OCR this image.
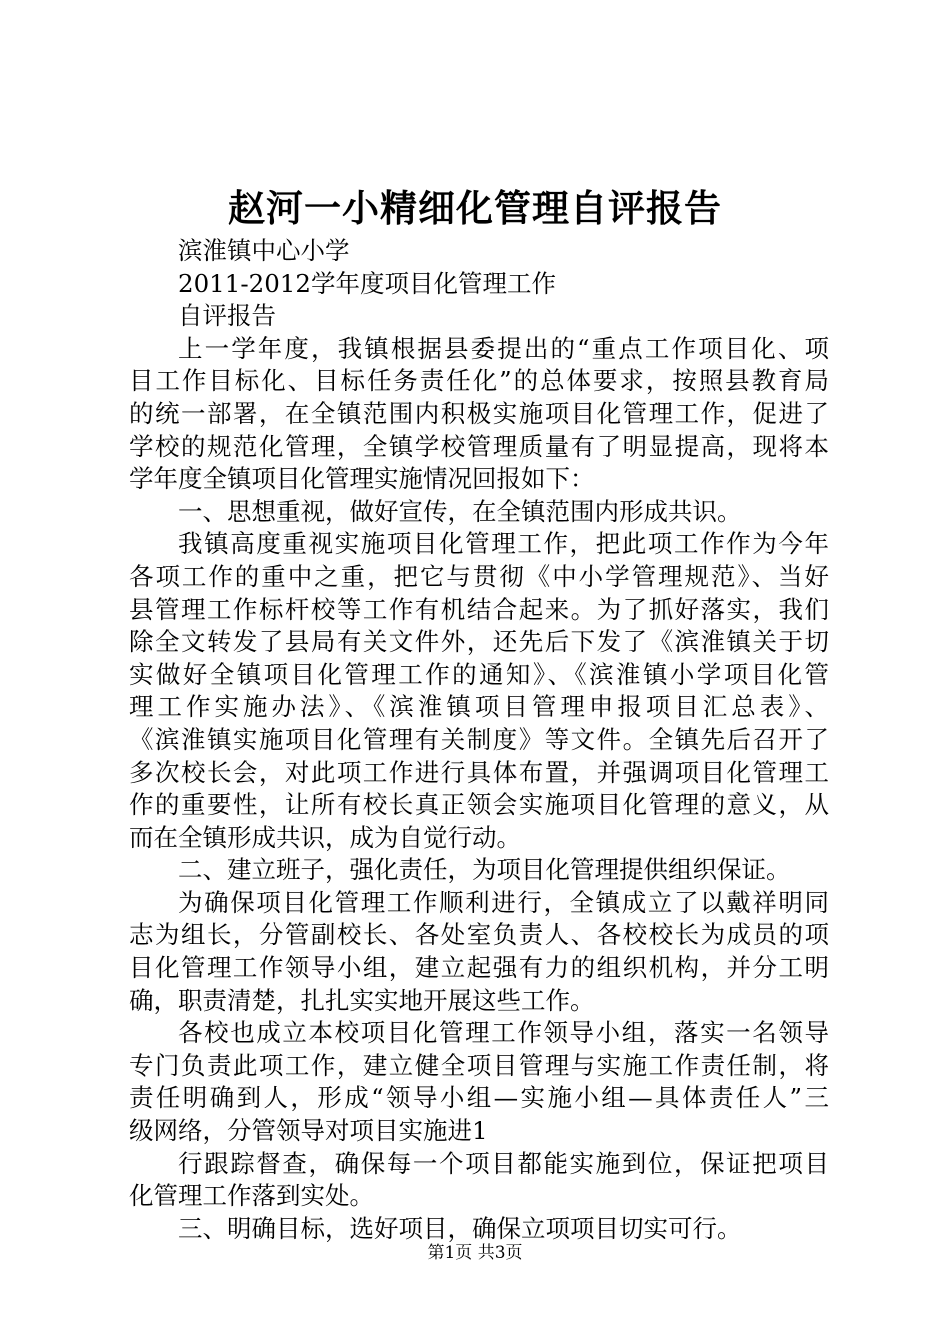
赵河一小精细化管理自评报告
滨淮镇中心小学
2011-2012学年度项目化管理工作
自评报告
上一学年度，我镇根据县委提出的“重点工作项目化、项
目工作目标化、目标任务责任化”的总体要求，按照县教育局
的统一部署，在全镇范围内积极实施项目化管理工作，促进了
学校的规范化管理，全镇学校管理质量有了明显提高，现将本
学年度全镇项目化管理实施情况回报如下：
一、思想重视，做好宣传，在全镇范围内形成共识。
我镇高度重视实施项目化管理工作，把此项工作作为今年
各项工作的重中之重，把它与贯彻《中小学管理规范》、当好
县管理工作标杆校等工作有机结合起来。为了抓好落实，我们
除全文转发了县局有关文件外，还先后下发了《滨淮镇关于切
实做好全镇项目化管理工作的通知》、《滨淮镇小学项目化管
理工作实施办法》、《滨淮镇项目管理申报项目汇总表》、
《滨淮镇实施项目化管理有关制度》等文件。全镇先后召开了
多次校长会，对此项工作进行具体布置，并强调项目化管理工
作的重要性，让所有校长真正领会实施项目化管理的意义，从
而在全镇形成共识，成为自觉行动。
二、建立班子，强化责任，为项目化管理提供组织保证。
为确保项目化管理工作顺利进行，全镇成立了以戴祥明同
志为组长，分管副校长、各处室负责人、各校校长为成员的项
目化管理工作领导小组，建立起强有力的组织机构，并分工明
确，职责清楚，扎扎实实地开展这些工作。
各校也成立本校项目化管理工作领导小组，落实一名领导
专门负责此项工作，建立健全项目管理与实施工作责任制，将
责任明确到人，形成“领导小组—实施小组—具体责任人”三
级网络，分管领导对项目实施进1
行跟踪督查，确保每一个项目都能实施到位，保证把项目
化管理工作落到实处。
三、明确目标，选好项目，确保立项项目切实可行。
第1页 共3页
